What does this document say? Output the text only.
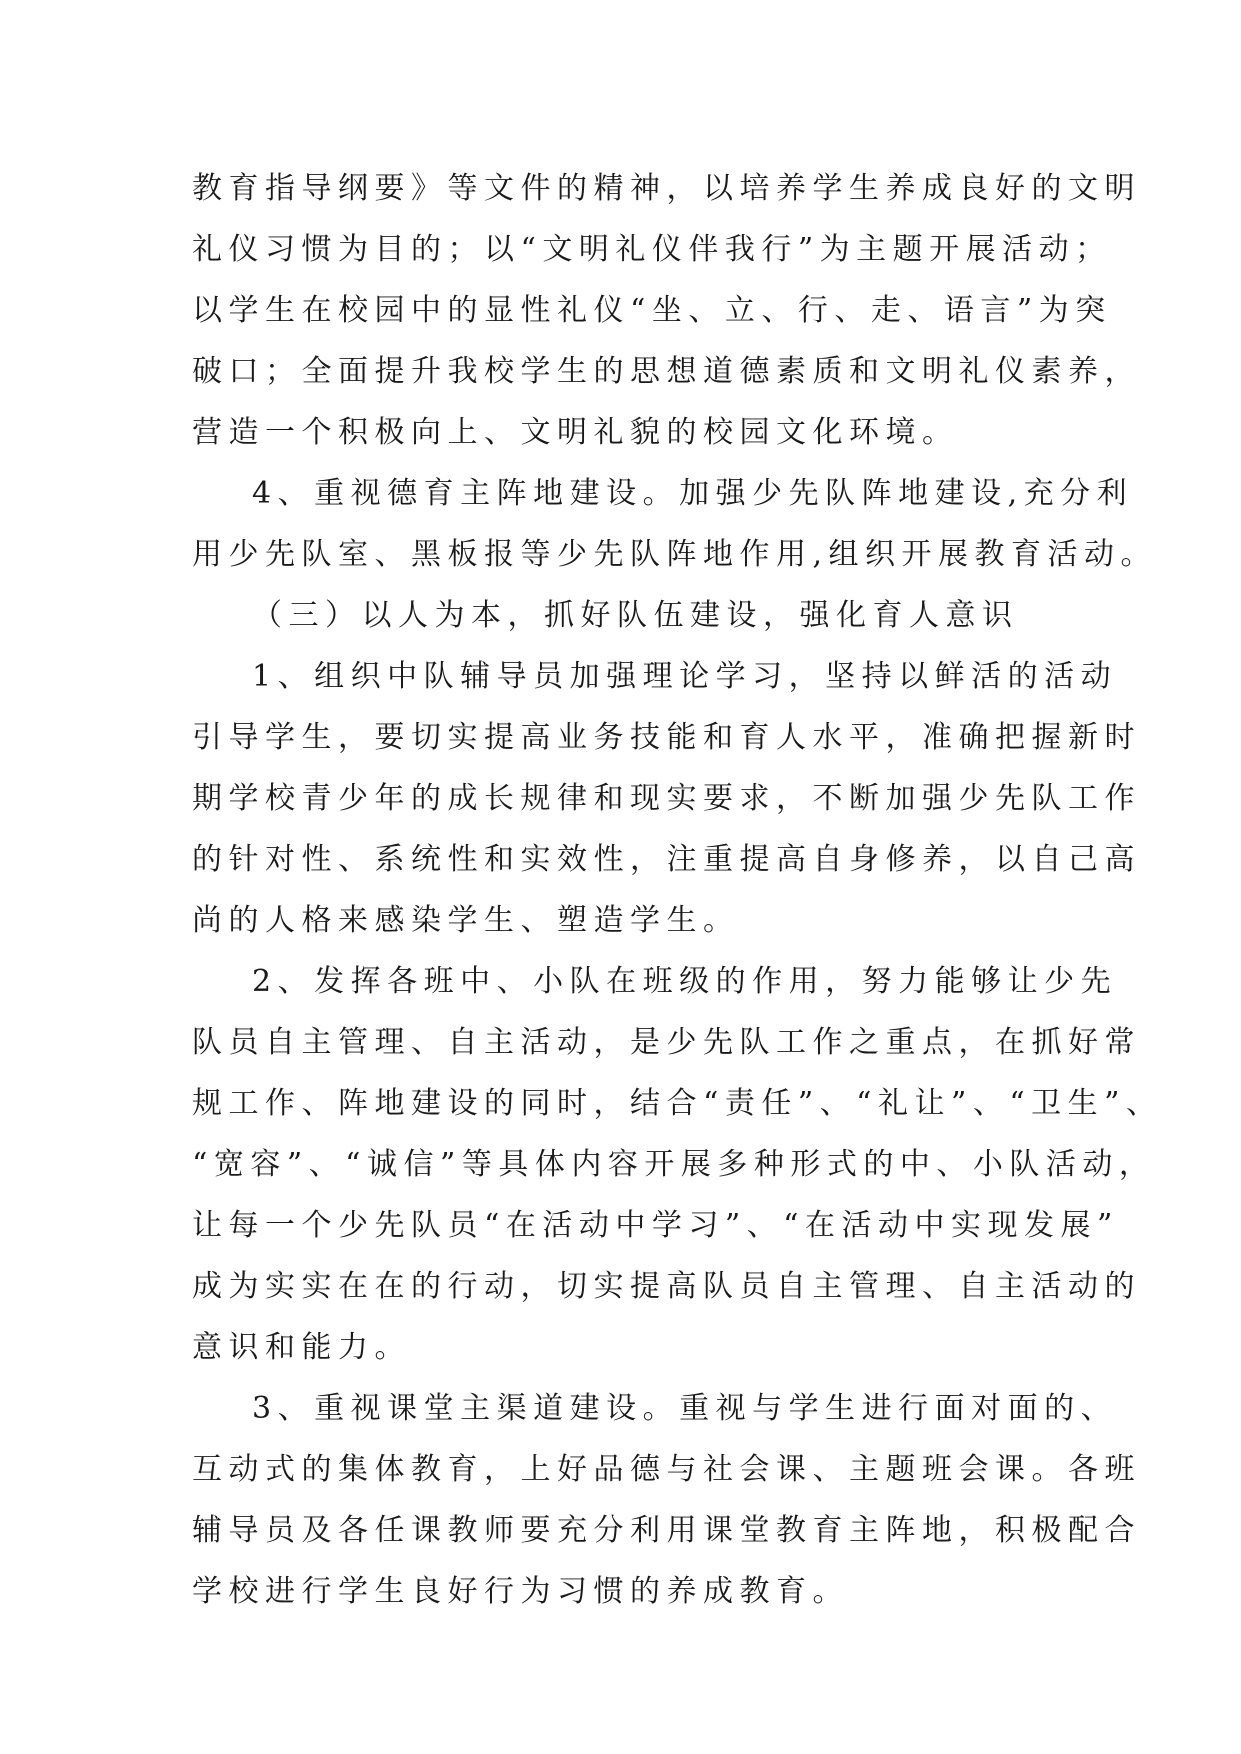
教育指导纲要》等文件的精神，以培养学生养成良好的文明
礼仪习惯为目的；以“文明礼仪伴我行”为主题开展活动；
以学生在校园中的显性礼仪“坐、立、行、走、语言”为突
破口；全面提升我校学生的思想道德素质和文明礼仪素养，
营造一个积极向上、文明礼貌的校园文化环境。
4、重视德育主阵地建设。加强少先队阵地建设,充分利
用少先队室、黑板报等少先队阵地作用,组织开展教育活动。
（三）以人为本，抓好队伍建设，强化育人意识
1、组织中队辅导员加强理论学习，坚持以鲜活的活动
引导学生，要切实提高业务技能和育人水平，准确把握新时
期学校青少年的成长规律和现实要求，不断加强少先队工作
的针对性、系统性和实效性，注重提高自身修养，以自己高
尚的人格来感染学生、塑造学生。
2、发挥各班中、小队在班级的作用，努力能够让少先
队员自主管理、自主活动，是少先队工作之重点，在抓好常
规工作、阵地建设的同时，结合“责任”、“礼让”、“卫生”、
“宽容”、“诚信”等具体内容开展多种形式的中、小队活动，
让每一个少先队员“在活动中学习”、“在活动中实现发展”
成为实实在在的行动，切实提高队员自主管理、自主活动的
意识和能力。
3、重视课堂主渠道建设。重视与学生进行面对面的、
互动式的集体教育，上好品德与社会课、主题班会课。各班
辅导员及各任课教师要充分利用课堂教育主阵地，积极配合
学校进行学生良好行为习惯的养成教育。
